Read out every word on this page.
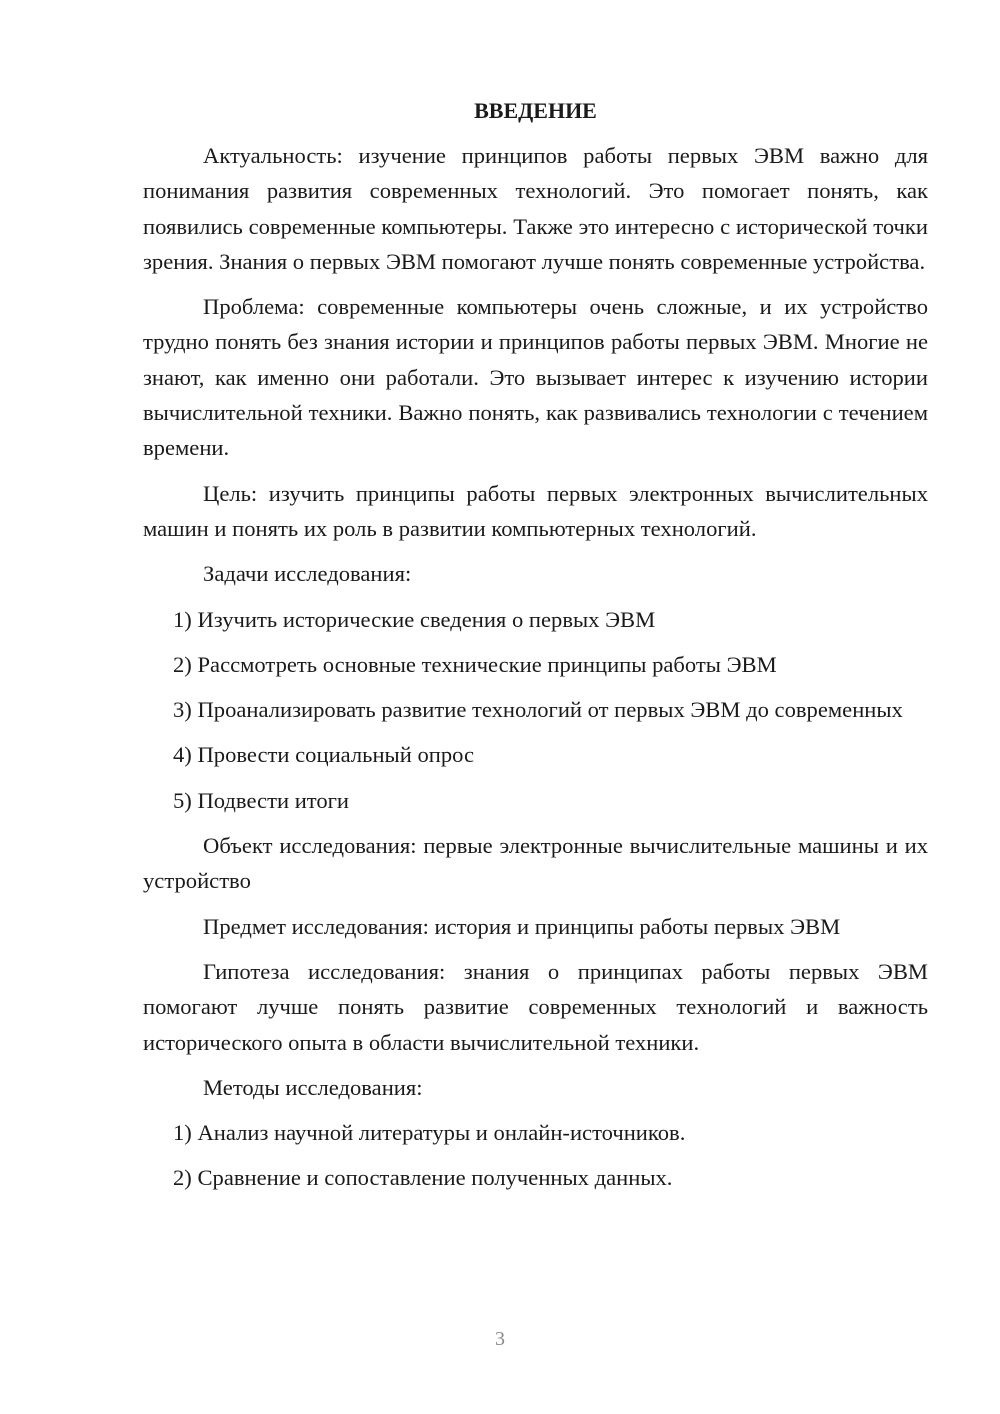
ВВЕДЕНИЕ

Актуальность: изучение принципов работы первых ЭВМ важно для понимания развития современных технологий. Это помогает понять, как появились современные компьютеры. Также это интересно с исторической точки зрения. Знания о первых ЭВМ помогают лучше понять современные устройства.

Проблема: современные компьютеры очень сложные, и их устройство трудно понять без знания истории и принципов работы первых ЭВМ. Многие не знают, как именно они работали. Это вызывает интерес к изучению истории вычислительной техники. Важно понять, как развивались технологии с течением времени.

Цель: изучить принципы работы первых электронных вычислительных машин и понять их роль в развитии компьютерных технологий.

Задачи исследования:

1) Изучить исторические сведения о первых ЭВМ

2) Рассмотреть основные технические принципы работы ЭВМ

3) Проанализировать развитие технологий от первых ЭВМ до современных

4) Провести социальный опрос

5) Подвести итоги

Объект исследования: первые электронные вычислительные машины и их устройство

Предмет исследования: история и принципы работы первых ЭВМ

Гипотеза исследования: знания о принципах работы первых ЭВМ помогают лучше понять развитие современных технологий и важность исторического опыта в области вычислительной техники.

Методы исследования:

1) Анализ научной литературы и онлайн-источников.

2) Сравнение и сопоставление полученных данных.

3
